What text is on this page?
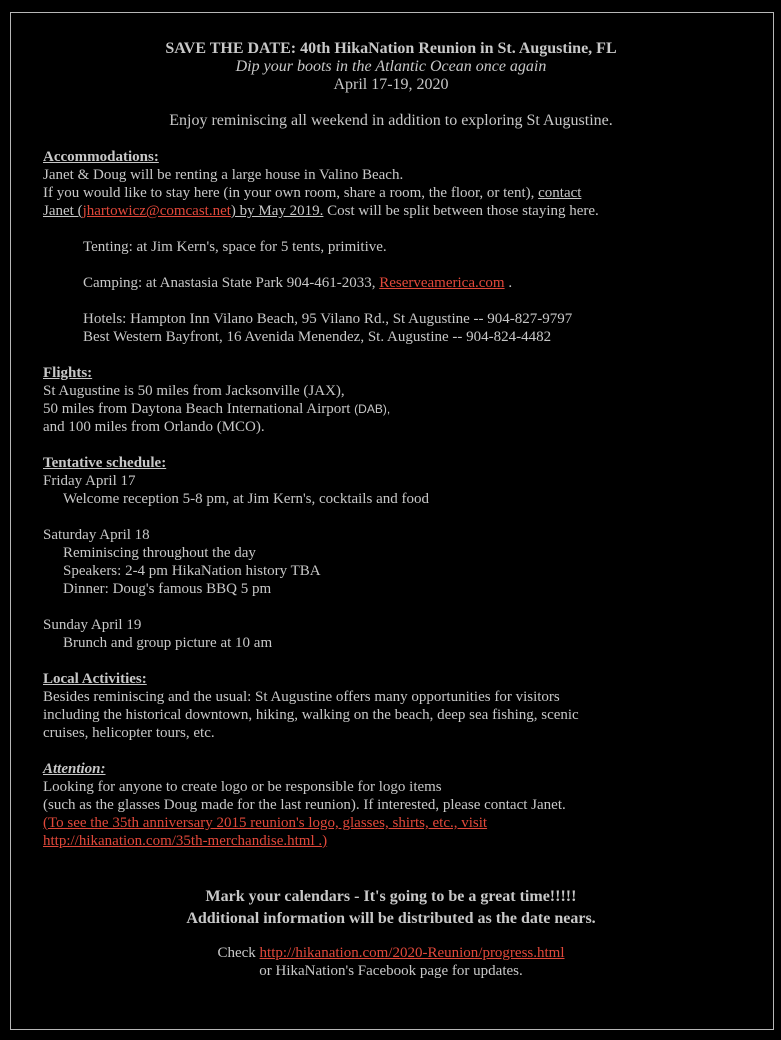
SAVE THE DATE: 40th HikaNation Reunion in St. Augustine, FL
Dip your boots in the Atlantic Ocean once again
April 17-19, 2020
Enjoy reminiscing all weekend in addition to exploring St Augustine.
Accommodations:
Janet & Doug will be renting a large house in Valino Beach.
If you would like to stay here (in your own room, share a room, the floor, or tent), contact
Janet (jhartowicz@comcast.net) by May 2019. Cost will be split between those staying here.
Tenting: at Jim Kern's, space for 5 tents, primitive.
Camping: at Anastasia State Park 904-461-2033, Reserveamerica.com .
Hotels: Hampton Inn Vilano Beach, 95 Vilano Rd., St Augustine -- 904-827-9797
Best Western Bayfront, 16 Avenida Menendez, St. Augustine -- 904-824-4482
Flights:
St Augustine is 50 miles from Jacksonville (JAX),
50 miles from Daytona Beach International Airport (DAB),
and 100 miles from Orlando (MCO).
Tentative schedule:
Friday April 17
Welcome reception 5-8 pm, at Jim Kern's, cocktails and food
Saturday April 18
Reminiscing throughout the day
Speakers: 2-4 pm HikaNation history TBA
Dinner: Doug's famous BBQ 5 pm
Sunday April 19
Brunch and group picture at 10 am
Local Activities:
Besides reminiscing and the usual: St Augustine offers many opportunities for visitors
including the historical downtown, hiking, walking on the beach, deep sea fishing, scenic
cruises, helicopter tours, etc.
Attention:
Looking for anyone to create logo or be responsible for logo items
(such as the glasses Doug made for the last reunion). If interested, please contact Janet.
(To see the 35th anniversary 2015 reunion's logo, glasses, shirts, etc., visit
http://hikanation.com/35th-merchandise.html .)
Mark your calendars - It's going to be a great time!!!!!
Additional information will be distributed as the date nears.
Check http://hikanation.com/2020-Reunion/progress.html
or HikaNation's Facebook page for updates.
